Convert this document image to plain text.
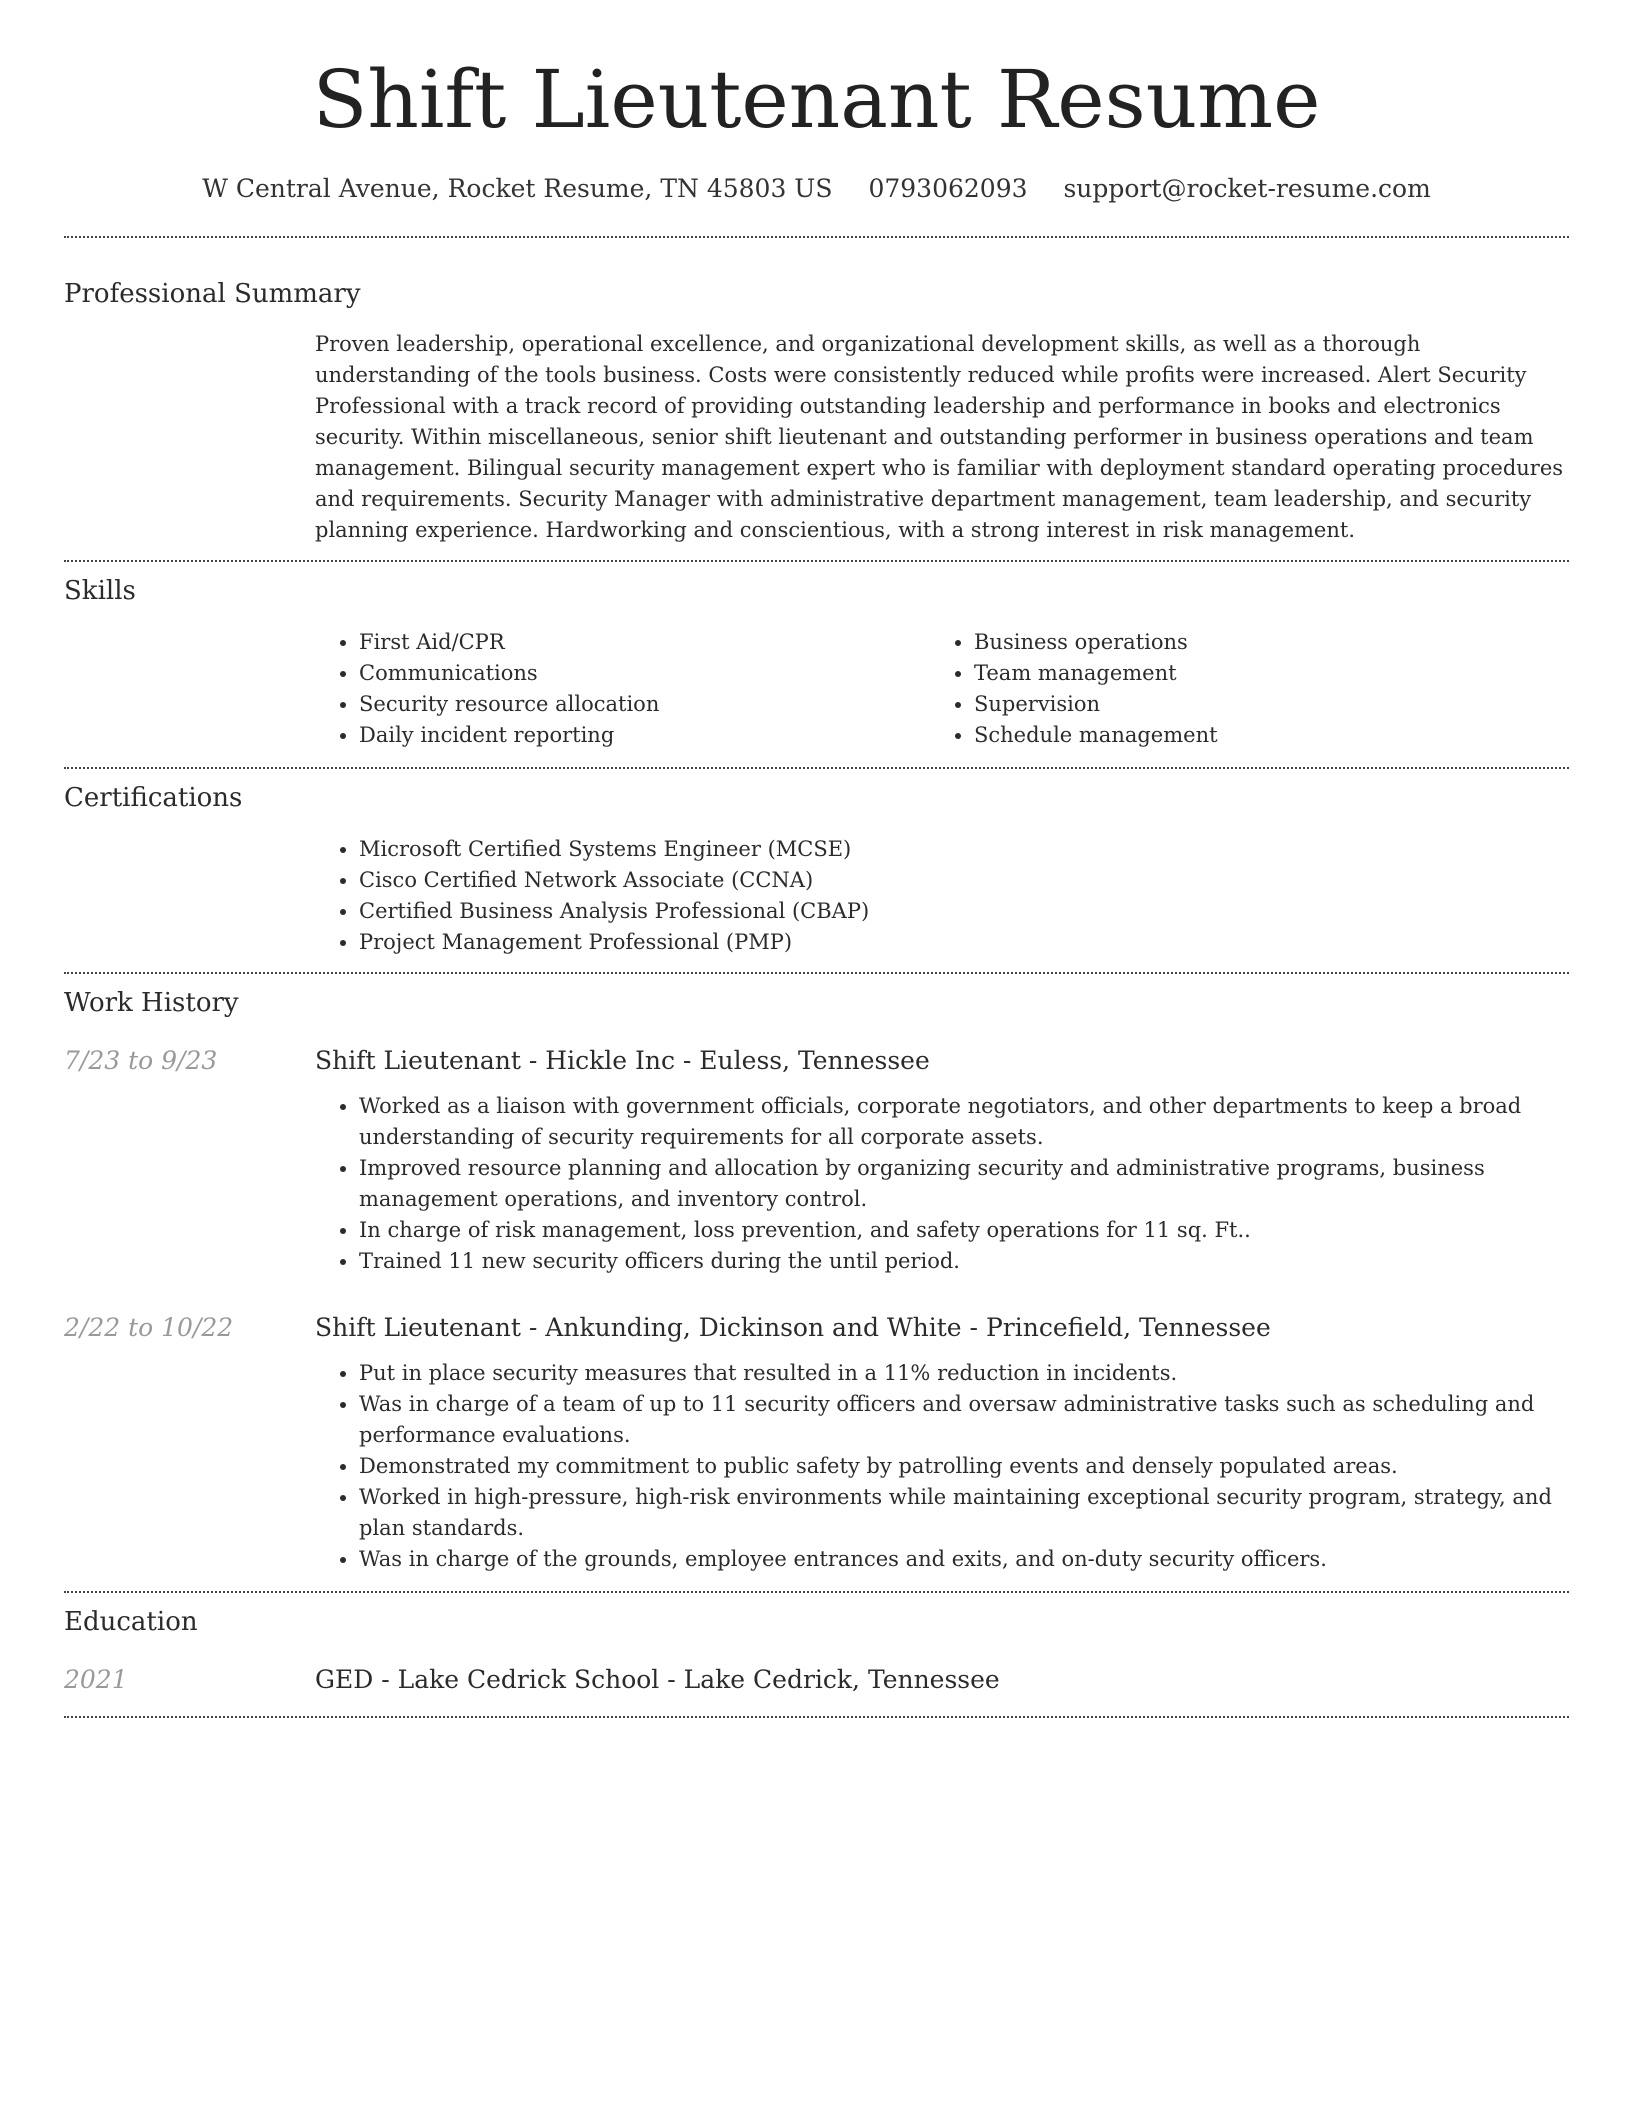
Shift Lieutenant Resume
W Central Avenue, Rocket Resume, TN 45803 US 0793062093 support@rocket-resume.com
Professional Summary
Proven leadership, operational excellence, and organizational development skills, as well as a thorough understanding of the tools business. Costs were consistently reduced while profits were increased. Alert Security Professional with a track record of providing outstanding leadership and performance in books and electronics security. Within miscellaneous, senior shift lieutenant and outstanding performer in business operations and team management. Bilingual security management expert who is familiar with deployment standard operating procedures and requirements. Security Manager with administrative department management, team leadership, and security planning experience. Hardworking and conscientious, with a strong interest in risk management.
Skills
• First Aid/CPR
• Communications
• Security resource allocation
• Daily incident reporting
• Business operations
• Team management
• Supervision
• Schedule management
Certifications
• Microsoft Certified Systems Engineer (MCSE)
• Cisco Certified Network Associate (CCNA)
• Certified Business Analysis Professional (CBAP)
• Project Management Professional (PMP)
Work History
7/23 to 9/23	Shift Lieutenant - Hickle Inc - Euless, Tennessee
• Worked as a liaison with government officials, corporate negotiators, and other departments to keep a broad understanding of security requirements for all corporate assets.
• Improved resource planning and allocation by organizing security and administrative programs, business management operations, and inventory control.
• In charge of risk management, loss prevention, and safety operations for 11 sq. Ft..
• Trained 11 new security officers during the until period.
2/22 to 10/22	Shift Lieutenant - Ankunding, Dickinson and White - Princefield, Tennessee
• Put in place security measures that resulted in a 11% reduction in incidents.
• Was in charge of a team of up to 11 security officers and oversaw administrative tasks such as scheduling and performance evaluations.
• Demonstrated my commitment to public safety by patrolling events and densely populated areas.
• Worked in high-pressure, high-risk environments while maintaining exceptional security program, strategy, and plan standards.
• Was in charge of the grounds, employee entrances and exits, and on-duty security officers.
Education
2021	GED - Lake Cedrick School - Lake Cedrick, Tennessee
